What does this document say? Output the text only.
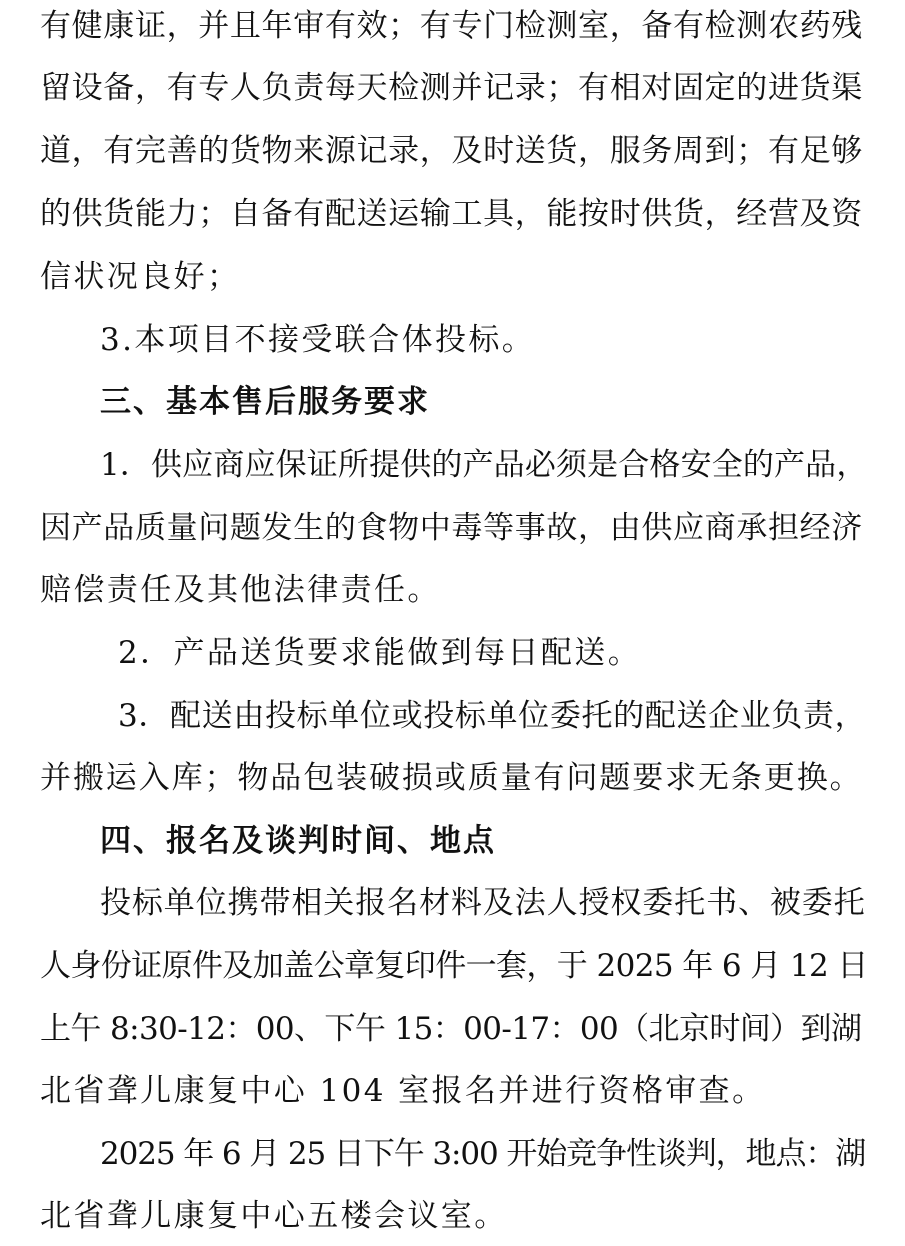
有健康证，并且年审有效；有专门检测室，备有检测农药残
留设备，有专人负责每天检测并记录；有相对固定的进货渠
道，有完善的货物来源记录，及时送货，服务周到；有足够
的供货能力；自备有配送运输工具，能按时供货，经营及资
信状况良好；
3.本项目不接受联合体投标。
三、基本售后服务要求
1．供应商应保证所提供的产品必须是合格安全的产品，
因产品质量问题发生的食物中毒等事故，由供应商承担经济
赔偿责任及其他法律责任。
2．产品送货要求能做到每日配送。
3．配送由投标单位或投标单位委托的配送企业负责，
并搬运入库；物品包装破损或质量有问题要求无条更换。
四、报名及谈判时间、地点
投标单位携带相关报名材料及法人授权委托书、被委托
人身份证原件及加盖公章复印件一套，于 2025 年 6 月 12 日
上午 8:30-12：00、下午 15：00-17：00（北京时间）到湖
北省聋儿康复中心 104 室报名并进行资格审查。
2025 年 6 月 25 日下午 3:00 开始竞争性谈判，地点：湖
北省聋儿康复中心五楼会议室。
